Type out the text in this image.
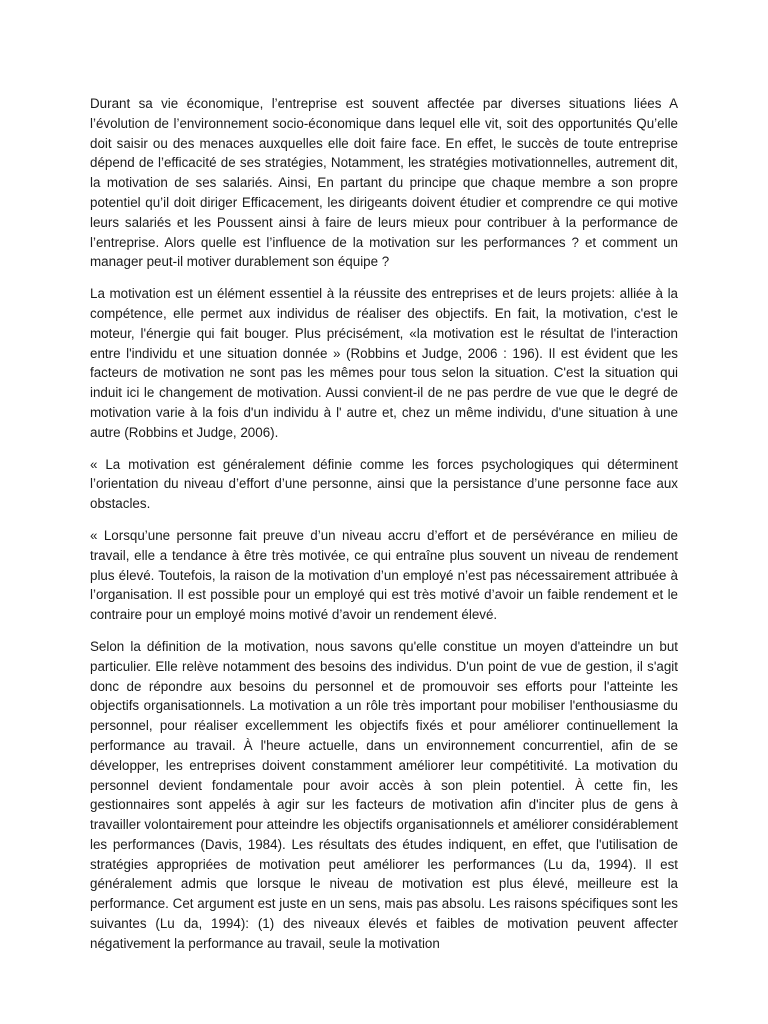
Durant sa vie économique, l’entreprise est souvent affectée par diverses situations liées A l’évolution de l’environnement socio-économique dans lequel elle vit, soit des opportunités Qu’elle doit saisir ou des menaces auxquelles elle doit faire face. En effet, le succès de toute entreprise dépend de l’efficacité de ses stratégies, Notamment, les stratégies motivationnelles, autrement dit, la motivation de ses salariés. Ainsi, En partant du principe que chaque membre a son propre potentiel qu’il doit diriger Efficacement, les dirigeants doivent étudier et comprendre ce qui motive leurs salariés et les Poussent ainsi à faire de leurs mieux pour contribuer à la performance de l’entreprise. Alors quelle est l’influence de la motivation sur les performances ? et comment un manager peut-il motiver durablement son équipe ?

La motivation est un élément essentiel à la réussite des entreprises et de leurs projets: alliée à la compétence, elle permet aux individus de réaliser des objectifs. En fait, la motivation, c'est le moteur, l'énergie qui fait bouger. Plus précisément, «la motivation est le résultat de l'interaction entre l'individu et une situation donnée » (Robbins et Judge, 2006 : 196). Il est évident que les facteurs de motivation ne sont pas les mêmes pour tous selon la situation. C'est la situation qui induit ici le changement de motivation. Aussi convient-il de ne pas perdre de vue que le degré de motivation varie à la fois d'un individu à l' autre et, chez un même individu, d'une situation à une autre (Robbins et Judge, 2006).

« La motivation est généralement définie comme les forces psychologiques qui déterminent l’orientation du niveau d’effort d’une personne, ainsi que la persistance d’une personne face aux obstacles.

« Lorsqu’une personne fait preuve d’un niveau accru d’effort et de persévérance en milieu de travail, elle a tendance à être très motivée, ce qui entraîne plus souvent un niveau de rendement plus élevé. Toutefois, la raison de la motivation d’un employé n’est pas nécessairement attribuée à l’organisation. Il est possible pour un employé qui est très motivé d’avoir un faible rendement et le contraire pour un employé moins motivé d’avoir un rendement élevé.

Selon la définition de la motivation, nous savons qu'elle constitue un moyen d'atteindre un but particulier. Elle relève notamment des besoins des individus. D'un point de vue de gestion, il s'agit donc de répondre aux besoins du personnel et de promouvoir ses efforts pour l'atteinte les objectifs organisationnels. La motivation a un rôle très important pour mobiliser l'enthousiasme du personnel, pour réaliser excellemment les objectifs fixés et pour améliorer continuellement la performance au travail. À l'heure actuelle, dans un environnement concurrentiel, afin de se développer, les entreprises doivent constamment améliorer leur compétitivité. La motivation du personnel devient fondamentale pour avoir accès à son plein potentiel. À cette fin, les gestionnaires sont appelés à agir sur les facteurs de motivation afin d'inciter plus de gens à travailler volontairement pour atteindre les objectifs organisationnels et améliorer considérablement les performances (Davis, 1984). Les résultats des études indiquent, en effet, que l'utilisation de stratégies appropriées de motivation peut améliorer les performances (Lu da, 1994). Il est généralement admis que lorsque le niveau de motivation est plus élevé, meilleure est la performance. Cet argument est juste en un sens, mais pas absolu. Les raisons spécifiques sont les suivantes (Lu da, 1994): (1) des niveaux élevés et faibles de motivation peuvent affecter négativement la performance au travail, seule la motivation
